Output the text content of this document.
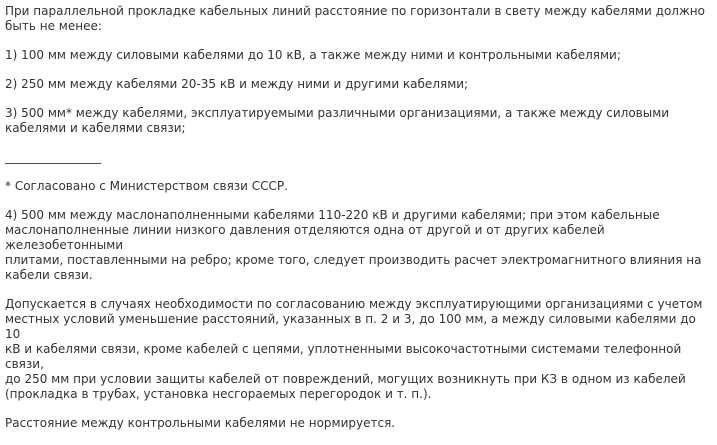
При параллельной прокладке кабельных линий расстояние по горизонтали в свету между кабелями должно
быть не менее:

1) 100 мм между силовыми кабелями до 10 кВ, а также между ними и контрольными кабелями;

2) 250 мм между кабелями 20-35 кВ и между ними и другими кабелями;

3) 500 мм* между кабелями, эксплуатируемыми различными организациями, а также между силовыми
кабелями и кабелями связи;

________________

* Согласовано с Министерством связи СССР.

4) 500 мм между маслонаполненными кабелями 110-220 кВ и другими кабелями; при этом кабельные
маслонаполненные линии низкого давления отделяются одна от другой и от других кабелей железобетонными
плитами, поставленными на ребро; кроме того, следует производить расчет электромагнитного влияния на
кабели связи.

Допускается в случаях необходимости по согласованию между эксплуатирующими организациями с учетом
местных условий уменьшение расстояний, указанных в п. 2 и 3, до 100 мм, а между силовыми кабелями до 10
кВ и кабелями связи, кроме кабелей с цепями, уплотненными высокочастотными системами телефонной связи,
до 250 мм при условии защиты кабелей от повреждений, могущих возникнуть при КЗ в одном из кабелей
(прокладка в трубах, установка несгораемых перегородок и т. п.).

Расстояние между контрольными кабелями не нормируется.
